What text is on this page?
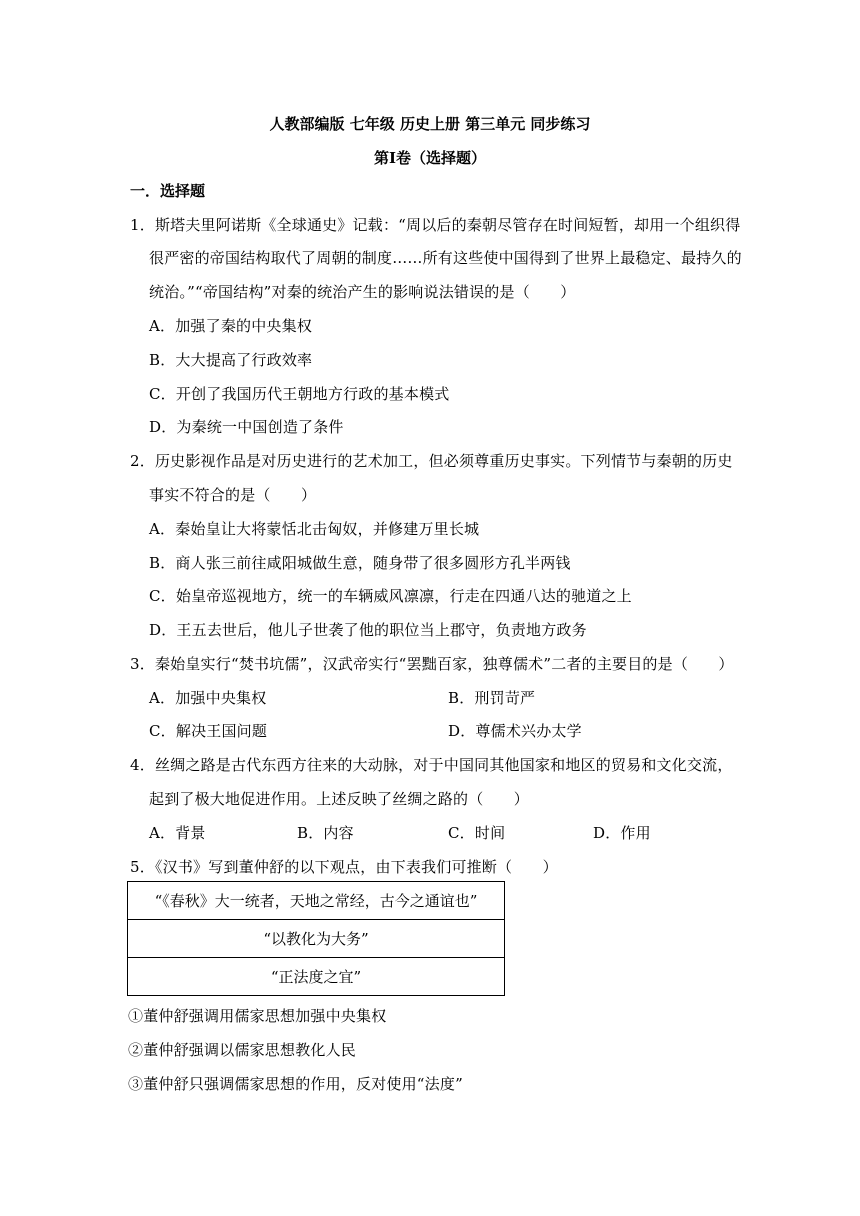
人教部编版 七年级 历史上册 第三单元 同步练习
第Ⅰ卷（选择题）
一．选择题
1．斯塔夫里阿诺斯《全球通史》记载：“周以后的秦朝尽管存在时间短暂，却用一个组织得
很严密的帝国结构取代了周朝的制度……所有这些使中国得到了世界上最稳定、最持久的
统治。”“帝国结构”对秦的统治产生的影响说法错误的是（　　）
A．加强了秦的中央集权
B．大大提高了行政效率
C．开创了我国历代王朝地方行政的基本模式
D．为秦统一中国创造了条件
2．历史影视作品是对历史进行的艺术加工，但必须尊重历史事实。下列情节与秦朝的历史
事实不符合的是（　　）
A．秦始皇让大将蒙恬北击匈奴，并修建万里长城
B．商人张三前往咸阳城做生意，随身带了很多圆形方孔半两钱
C．始皇帝巡视地方，统一的车辆威风凛凛，行走在四通八达的驰道之上
D．王五去世后，他儿子世袭了他的职位当上郡守，负责地方政务
3．秦始皇实行“焚书坑儒”，汉武帝实行“罢黜百家，独尊儒术”二者的主要目的是（　　）
A．加强中央集权	B．刑罚苛严
C．解决王国问题	D．尊儒术兴办太学
4．丝绸之路是古代东西方往来的大动脉，对于中国同其他国家和地区的贸易和文化交流，
起到了极大地促进作用。上述反映了丝绸之路的（　　）
A．背景	B．内容	C．时间	D．作用
5．《汉书》写到董仲舒的以下观点，由下表我们可推断（　　）
“《春秋》大一统者，天地之常经，古今之通谊也”
“以教化为大务”
“正法度之宜”
①董仲舒强调用儒家思想加强中央集权
②董仲舒强调以儒家思想教化人民
③董仲舒只强调儒家思想的作用，反对使用“法度”
